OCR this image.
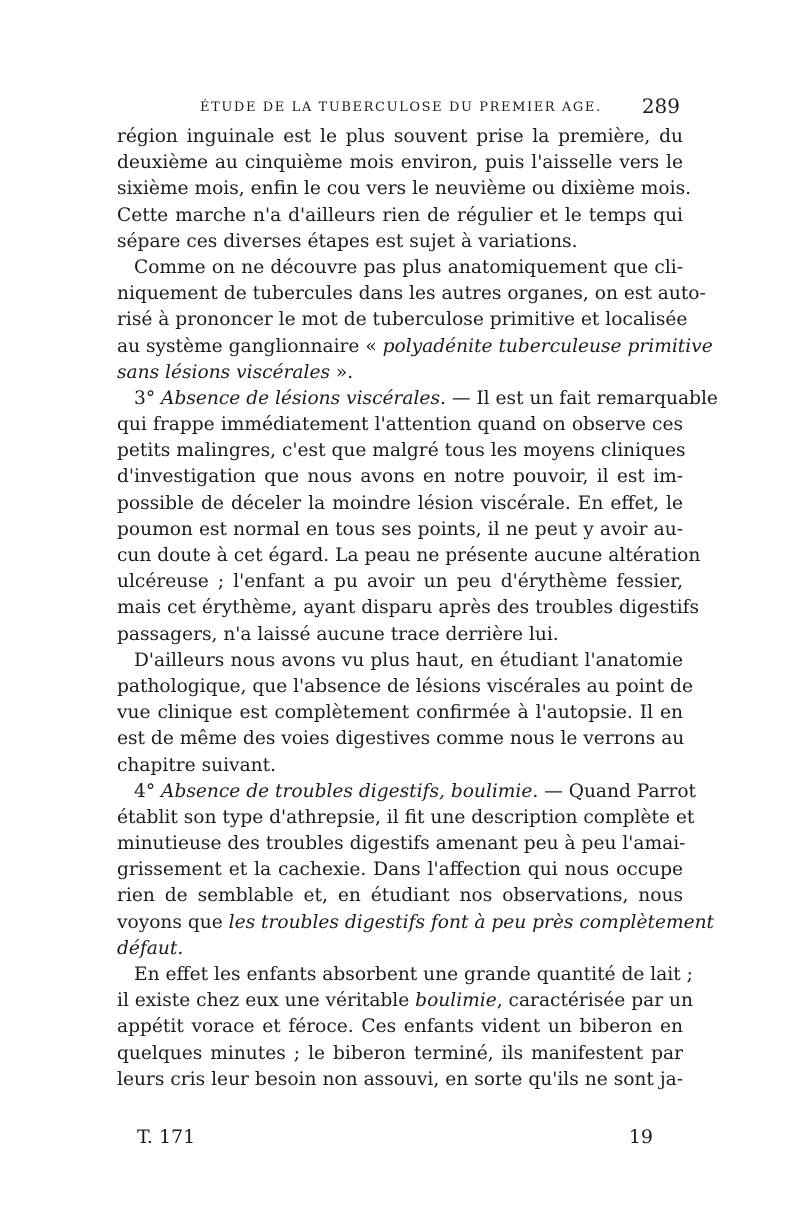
ÉTUDE DE LA TUBERCULOSE DU PREMIER AGE. 289
région inguinale est le plus souvent prise la première, du
deuxième au cinquième mois environ, puis l'aisselle vers le
sixième mois, enfin le cou vers le neuvième ou dixième mois.
Cette marche n'a d'ailleurs rien de régulier et le temps qui
sépare ces diverses étapes est sujet à variations.
Comme on ne découvre pas plus anatomiquement que cli-
niquement de tubercules dans les autres organes, on est auto-
risé à prononcer le mot de tuberculose primitive et localisée
au système ganglionnaire « polyadénite tuberculeuse primitive
sans lésions viscérales ».
3° Absence de lésions viscérales. — Il est un fait remarquable
qui frappe immédiatement l'attention quand on observe ces
petits malingres, c'est que malgré tous les moyens cliniques
d'investigation que nous avons en notre pouvoir, il est im-
possible de déceler la moindre lésion viscérale. En effet, le
poumon est normal en tous ses points, il ne peut y avoir au-
cun doute à cet égard. La peau ne présente aucune altération
ulcéreuse ; l'enfant a pu avoir un peu d'érythème fessier,
mais cet érythème, ayant disparu après des troubles digestifs
passagers, n'a laissé aucune trace derrière lui.
D'ailleurs nous avons vu plus haut, en étudiant l'anatomie
pathologique, que l'absence de lésions viscérales au point de
vue clinique est complètement confirmée à l'autopsie. Il en
est de même des voies digestives comme nous le verrons au
chapitre suivant.
4° Absence de troubles digestifs, boulimie. — Quand Parrot
établit son type d'athrepsie, il fit une description complète et
minutieuse des troubles digestifs amenant peu à peu l'amai-
grissement et la cachexie. Dans l'affection qui nous occupe
rien de semblable et, en étudiant nos observations, nous
voyons que les troubles digestifs font à peu près complètement
défaut.
En effet les enfants absorbent une grande quantité de lait ;
il existe chez eux une véritable boulimie, caractérisée par un
appétit vorace et féroce. Ces enfants vident un biberon en
quelques minutes ; le biberon terminé, ils manifestent par
leurs cris leur besoin non assouvi, en sorte qu'ils ne sont ja-
T. 171	19
